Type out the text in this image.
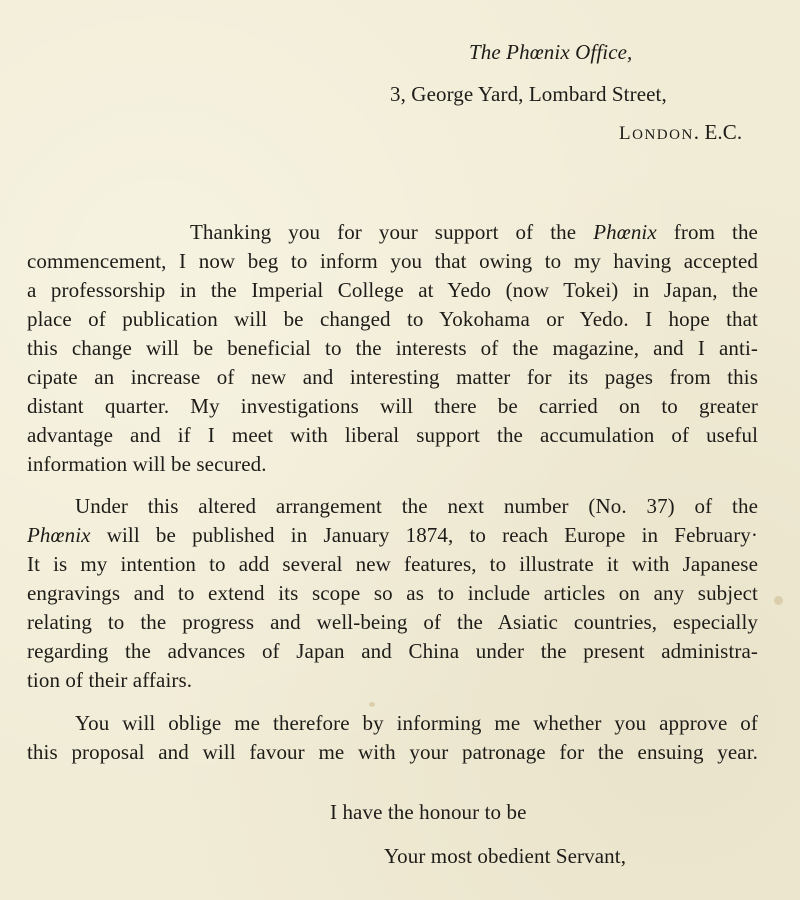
The Phœnix Office,
3, George Yard, Lombard Street,
LONDON. E.C.
Thanking you for your support of the Phœnix from the
commencement, I now beg to inform you that owing to my having accepted
a professorship in the Imperial College at Yedo (now Tokei) in Japan, the
place of publication will be changed to Yokohama or Yedo. I hope that
this change will be beneficial to the interests of the magazine, and I anti-
cipate an increase of new and interesting matter for its pages from this
distant quarter. My investigations will there be carried on to greater
advantage and if I meet with liberal support the accumulation of useful
information will be secured.
Under this altered arrangement the next number (No. 37) of the
Phœnix will be published in January 1874, to reach Europe in February·
It is my intention to add several new features, to illustrate it with Japanese
engravings and to extend its scope so as to include articles on any subject
relating to the progress and well-being of the Asiatic countries, especially
regarding the advances of Japan and China under the present administra-
tion of their affairs.
You will oblige me therefore by informing me whether you approve of
this proposal and will favour me with your patronage for the ensuing year.
I have the honour to be
Your most obedient Servant,
